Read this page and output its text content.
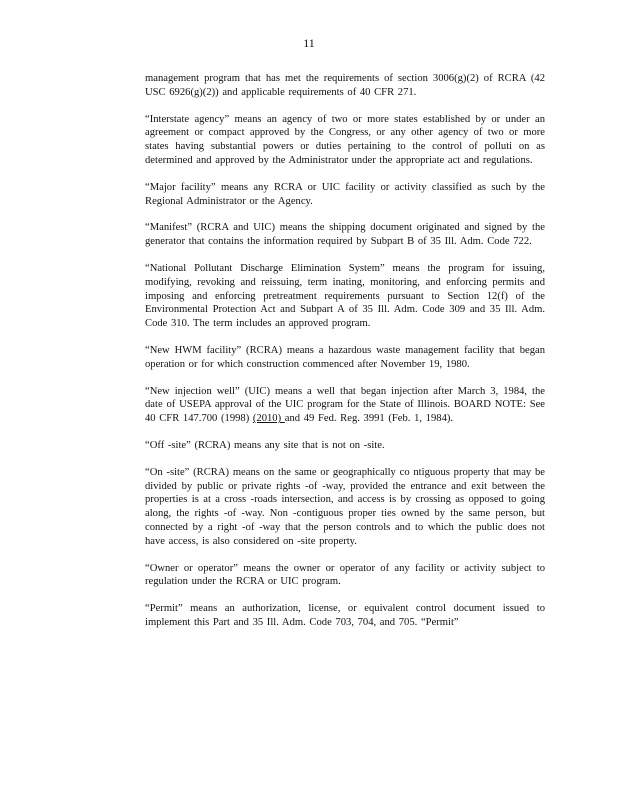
11

management program that has met the requirements of section 3006(g)(2) of RCRA (42 USC 6926(g)(2)) and applicable requirements of 40 CFR 271.

“Interstate agency” means an agency of two or more states established by or under an agreement or compact approved by the Congress, or any other agency of two or more states having substantial powers or duties pertaining to the control of polluti on as determined and approved by the Administrator under the appropriate act and regulations.

“Major facility” means any RCRA or UIC facility or activity classified as such by the Regional Administrator or the Agency.

“Manifest” (RCRA and UIC) means the shipping document originated and signed by the generator that contains the information required by Subpart B of 35 Ill. Adm. Code 722.

“National Pollutant Discharge Elimination System” means the program for issuing, modifying, revoking and reissuing, term inating, monitoring, and enforcing permits and imposing and enforcing pretreatment requirements pursuant to Section 12(f) of the Environmental Protection Act and Subpart A of 35 Ill. Adm. Code 309 and 35 Ill. Adm. Code 310. The term includes an approved program.

“New HWM facility” (RCRA) means a hazardous waste management facility that began operation or for which construction commenced after November 19, 1980.

“New injection well” (UIC) means a well that began injection after March 3, 1984, the date of USEPA approval of the UIC program for the State of Illinois. BOARD NOTE: See 40 CFR 147.700 (1998) (2010) and 49 Fed. Reg. 3991 (Feb. 1, 1984).

“Off -site” (RCRA) means any site that is not on -site.

“On -site” (RCRA) means on the same or geographically co ntiguous property that may be divided by public or private rights -of -way, provided the entrance and exit between the properties is at a cross -roads intersection, and access is by crossing as opposed to going along, the rights -of -way. Non -contiguous proper ties owned by the same person, but connected by a right -of -way that the person controls and to which the public does not have access, is also considered on -site property.

“Owner or operator” means the owner or operator of any facility or activity subject to regulation under the RCRA or UIC program.

“Permit” means an authorization, license, or equivalent control document issued to implement this Part and 35 Ill. Adm. Code 703, 704, and 705. “Permit”
